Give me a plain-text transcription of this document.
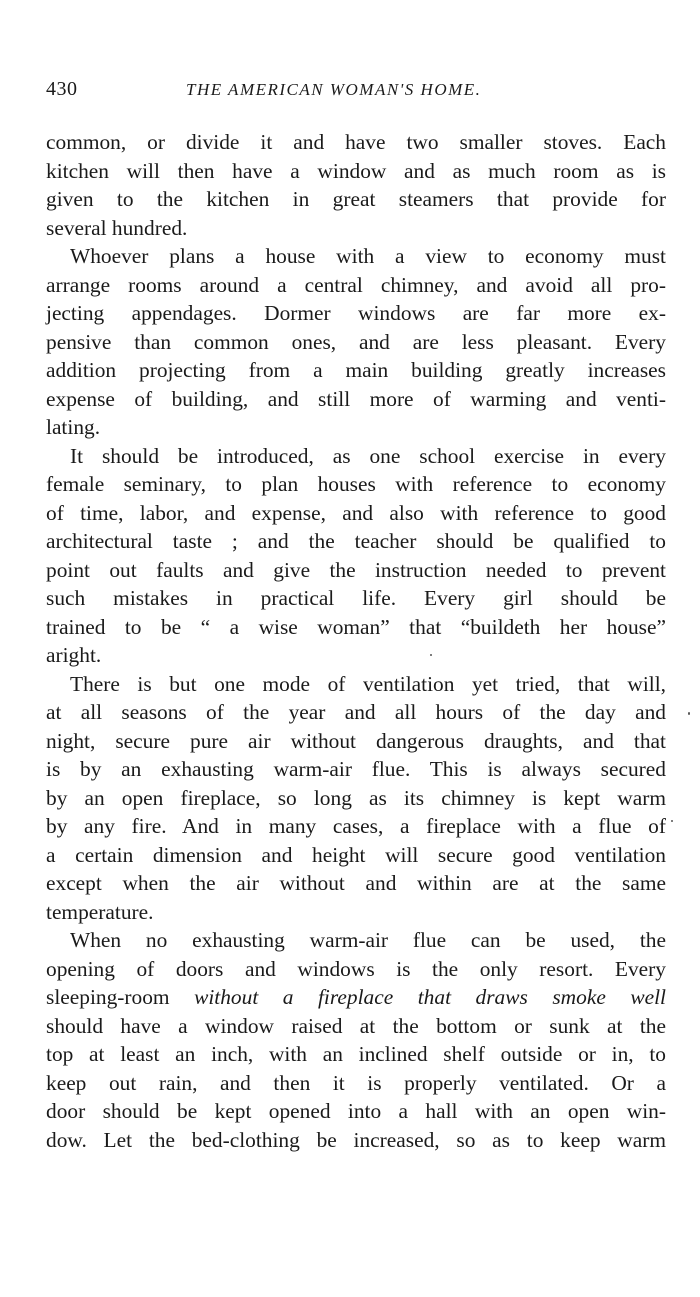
430	THE AMERICAN WOMAN'S HOME.
common, or divide it and have two smaller stoves. Each
kitchen will then have a window and as much room as is
given to the kitchen in great steamers that provide for
several hundred.
Whoever plans a house with a view to economy must
arrange rooms around a central chimney, and avoid all pro-
jecting appendages. Dormer windows are far more ex-
pensive than common ones, and are less pleasant. Every
addition projecting from a main building greatly increases
expense of building, and still more of warming and venti-
lating.
It should be introduced, as one school exercise in every
female seminary, to plan houses with reference to economy
of time, labor, and expense, and also with reference to good
architectural taste ; and the teacher should be qualified to
point out faults and give the instruction needed to prevent
such mistakes in practical life. Every girl should be
trained to be “ a wise woman” that “buildeth her house”
aright.
There is but one mode of ventilation yet tried, that will,
at all seasons of the year and all hours of the day and
night, secure pure air without dangerous draughts, and that
is by an exhausting warm-air flue. This is always secured
by an open fireplace, so long as its chimney is kept warm
by any fire. And in many cases, a fireplace with a flue of
a certain dimension and height will secure good ventilation
except when the air without and within are at the same
temperature.
When no exhausting warm-air flue can be used, the
opening of doors and windows is the only resort. Every
sleeping-room without a fireplace that draws smoke well
should have a window raised at the bottom or sunk at the
top at least an inch, with an inclined shelf outside or in, to
keep out rain, and then it is properly ventilated. Or a
door should be kept opened into a hall with an open win-
dow. Let the bed-clothing be increased, so as to keep warm
